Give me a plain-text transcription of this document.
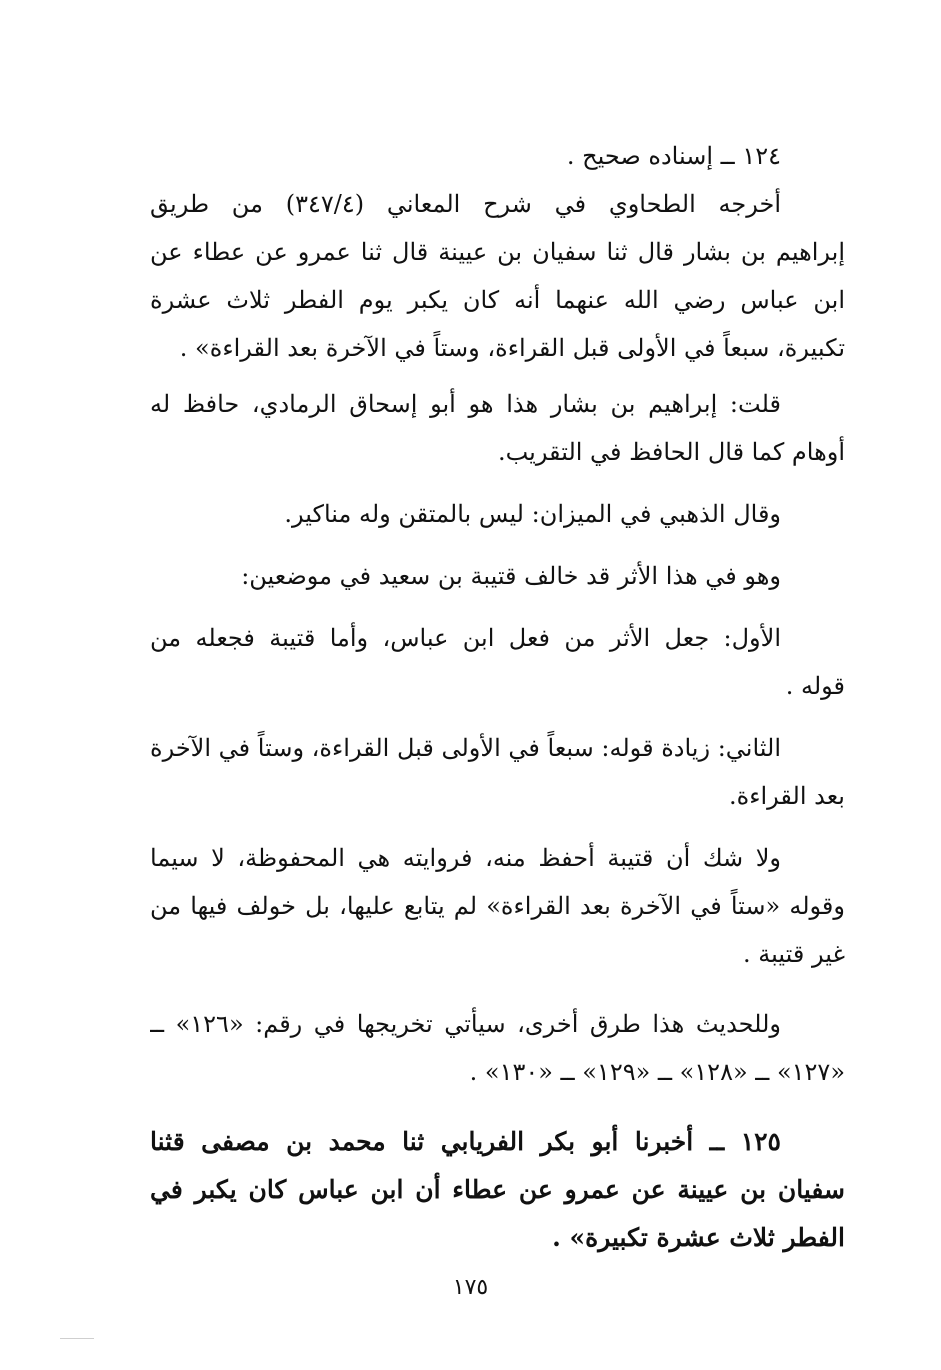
١٢٤ ــ إسناده صحيح .
أخرجه الطحاوي في شرح المعاني (٣٤٧/٤) من طريق
إبراهيم بن بشار قال ثنا سفيان بن عيينة قال ثنا عمرو عن عطاء عن
ابن عباس رضي الله عنهما أنه كان يكبر يوم الفطر ثلاث عشرة
تكبيرة، سبعاً في الأولى قبل القراءة، وستاً في الآخرة بعد القراءة» .
قلت: إبراهيم بن بشار هذا هو أبو إسحاق الرمادي، حافظ له
أوهام كما قال الحافظ في التقريب.
وقال الذهبي في الميزان: ليس بالمتقن وله مناكير.
وهو في هذا الأثر قد خالف قتيبة بن سعيد في موضعين:
الأول: جعل الأثر من فعل ابن عباس، وأما قتيبة فجعله من
قوله .
الثاني: زيادة قوله: سبعاً في الأولى قبل القراءة، وستاً في الآخرة
بعد القراءة.
ولا شك أن قتيبة أحفظ منه، فروايته هي المحفوظة، لا سيما
وقوله «ستاً في الآخرة بعد القراءة» لم يتابع عليها، بل خولف فيها من
غير قتيبة .
وللحديث هذا طرق أخرى، سيأتي تخريجها في رقم: «١٢٦» ــ
«١٢٧» ــ «١٢٨» ــ «١٢٩» ــ «١٣٠» .
١٢٥ ــ أخبرنا أبو بكر الفريابي ثنا محمد بن مصفى قثنا
سفيان بن عيينة عن عمرو عن عطاء أن ابن عباس كان يكبر في
الفطر ثلاث عشرة تكبيرة» .
١٧٥
